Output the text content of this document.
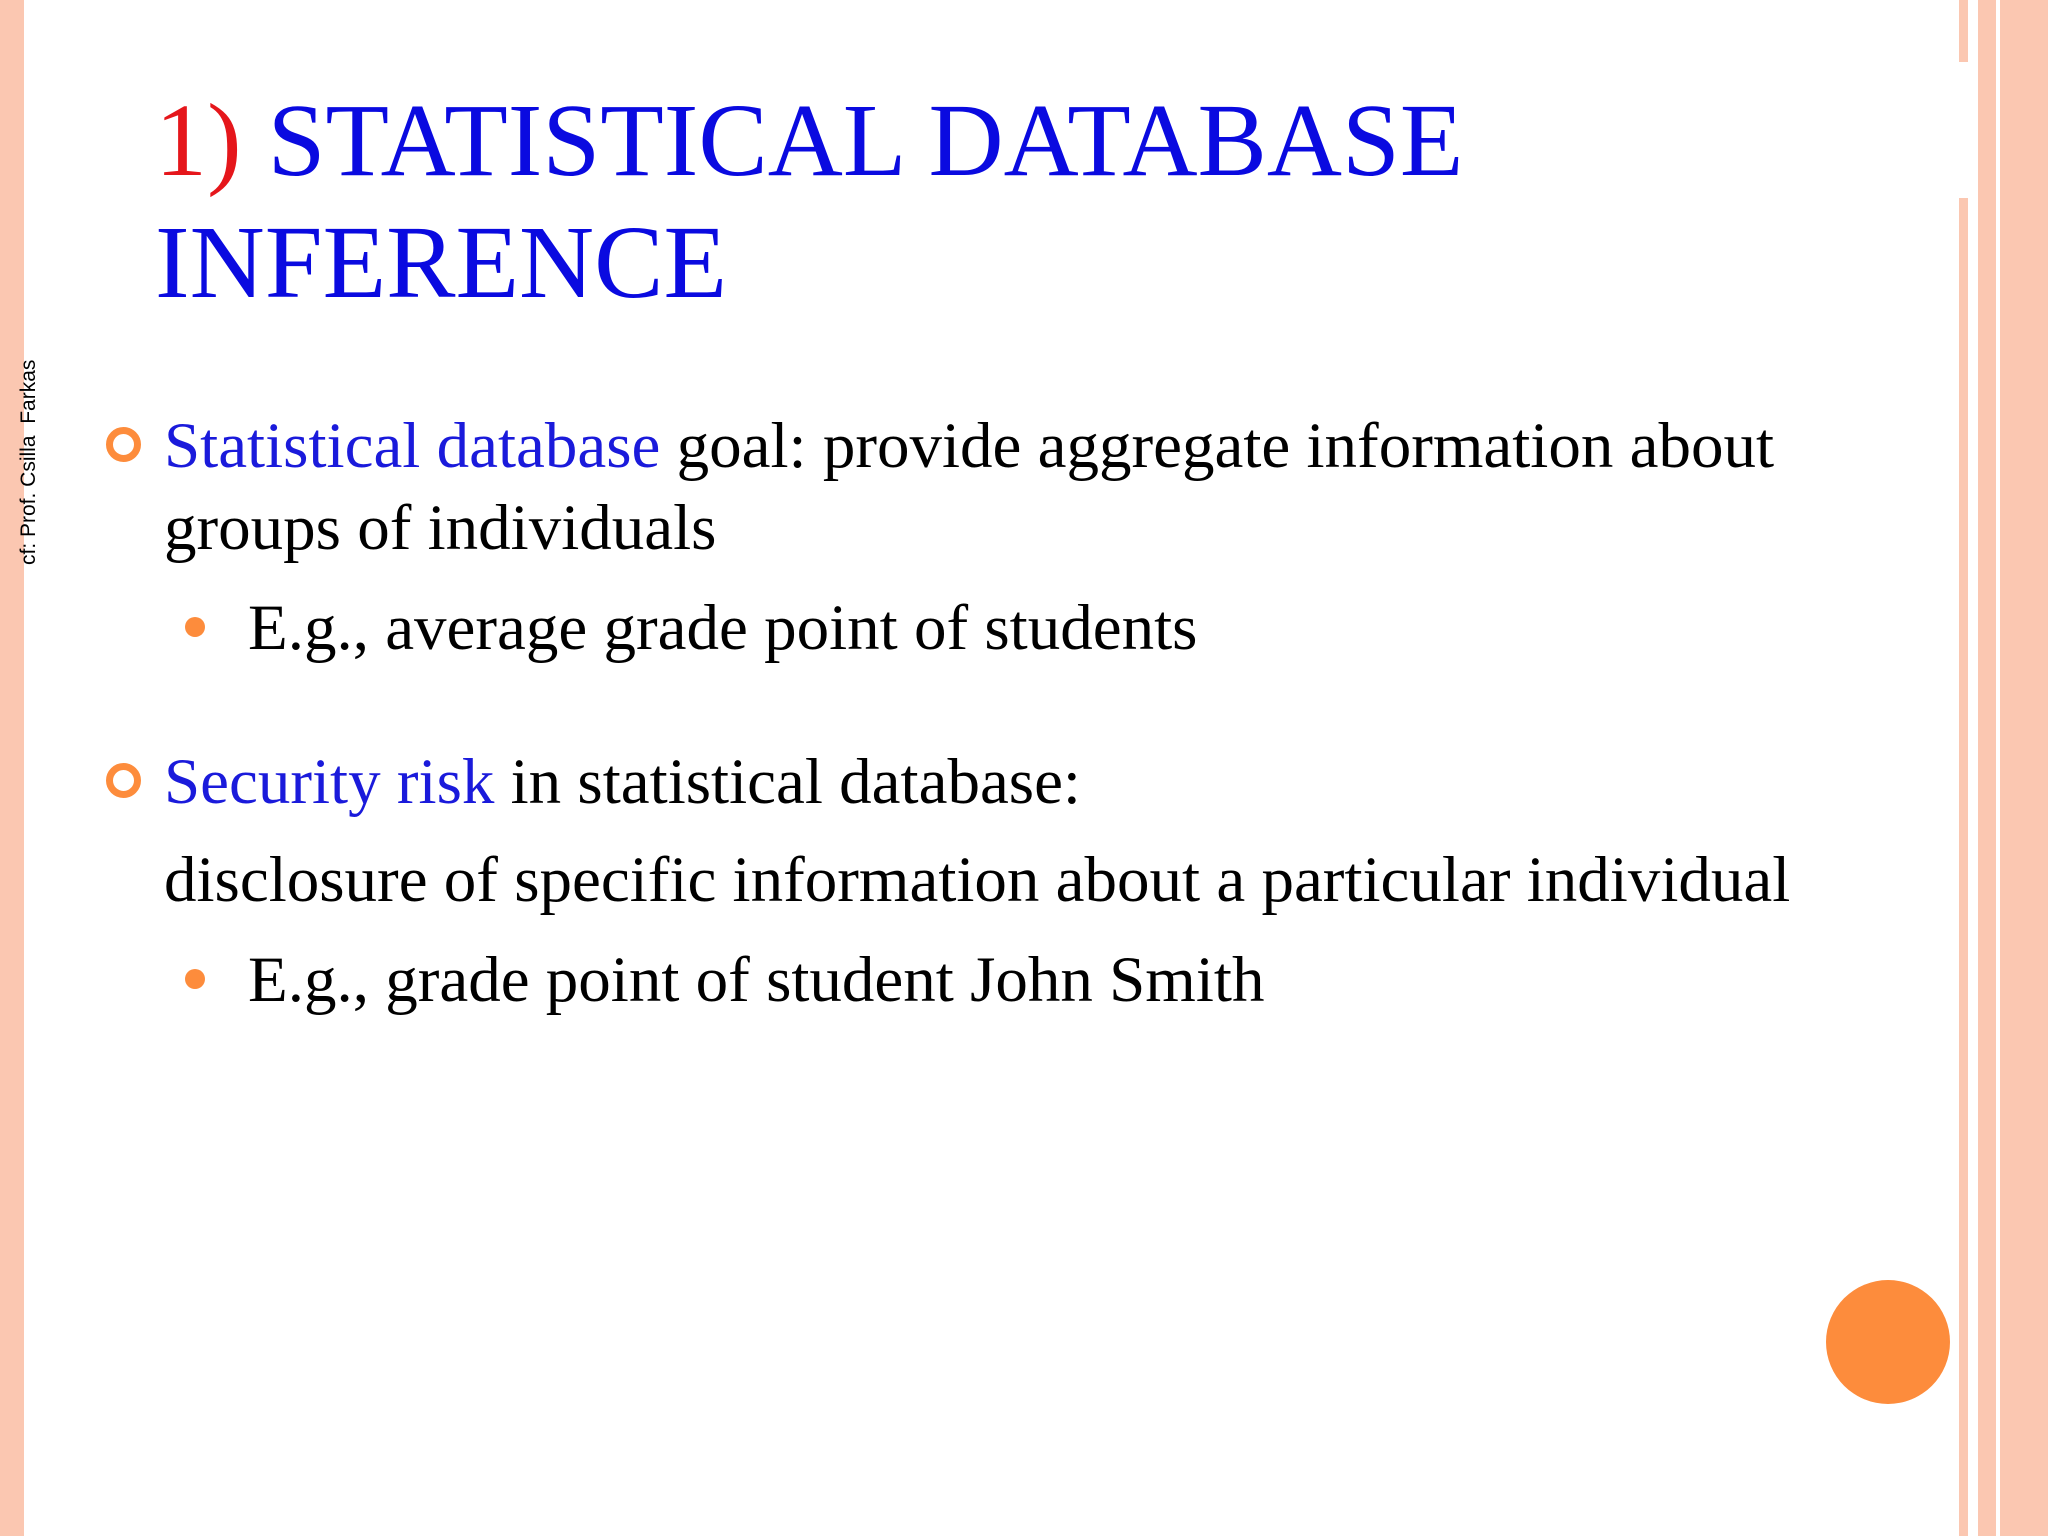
cf: Prof. Csilla  Farkas
1) STATISTICAL DATABASE INFERENCE
Statistical database goal: provide aggregate information about groups of individuals
E.g., average grade point of students
Security risk in statistical database:
disclosure of specific information about a particular individual
E.g., grade point of student John Smith
